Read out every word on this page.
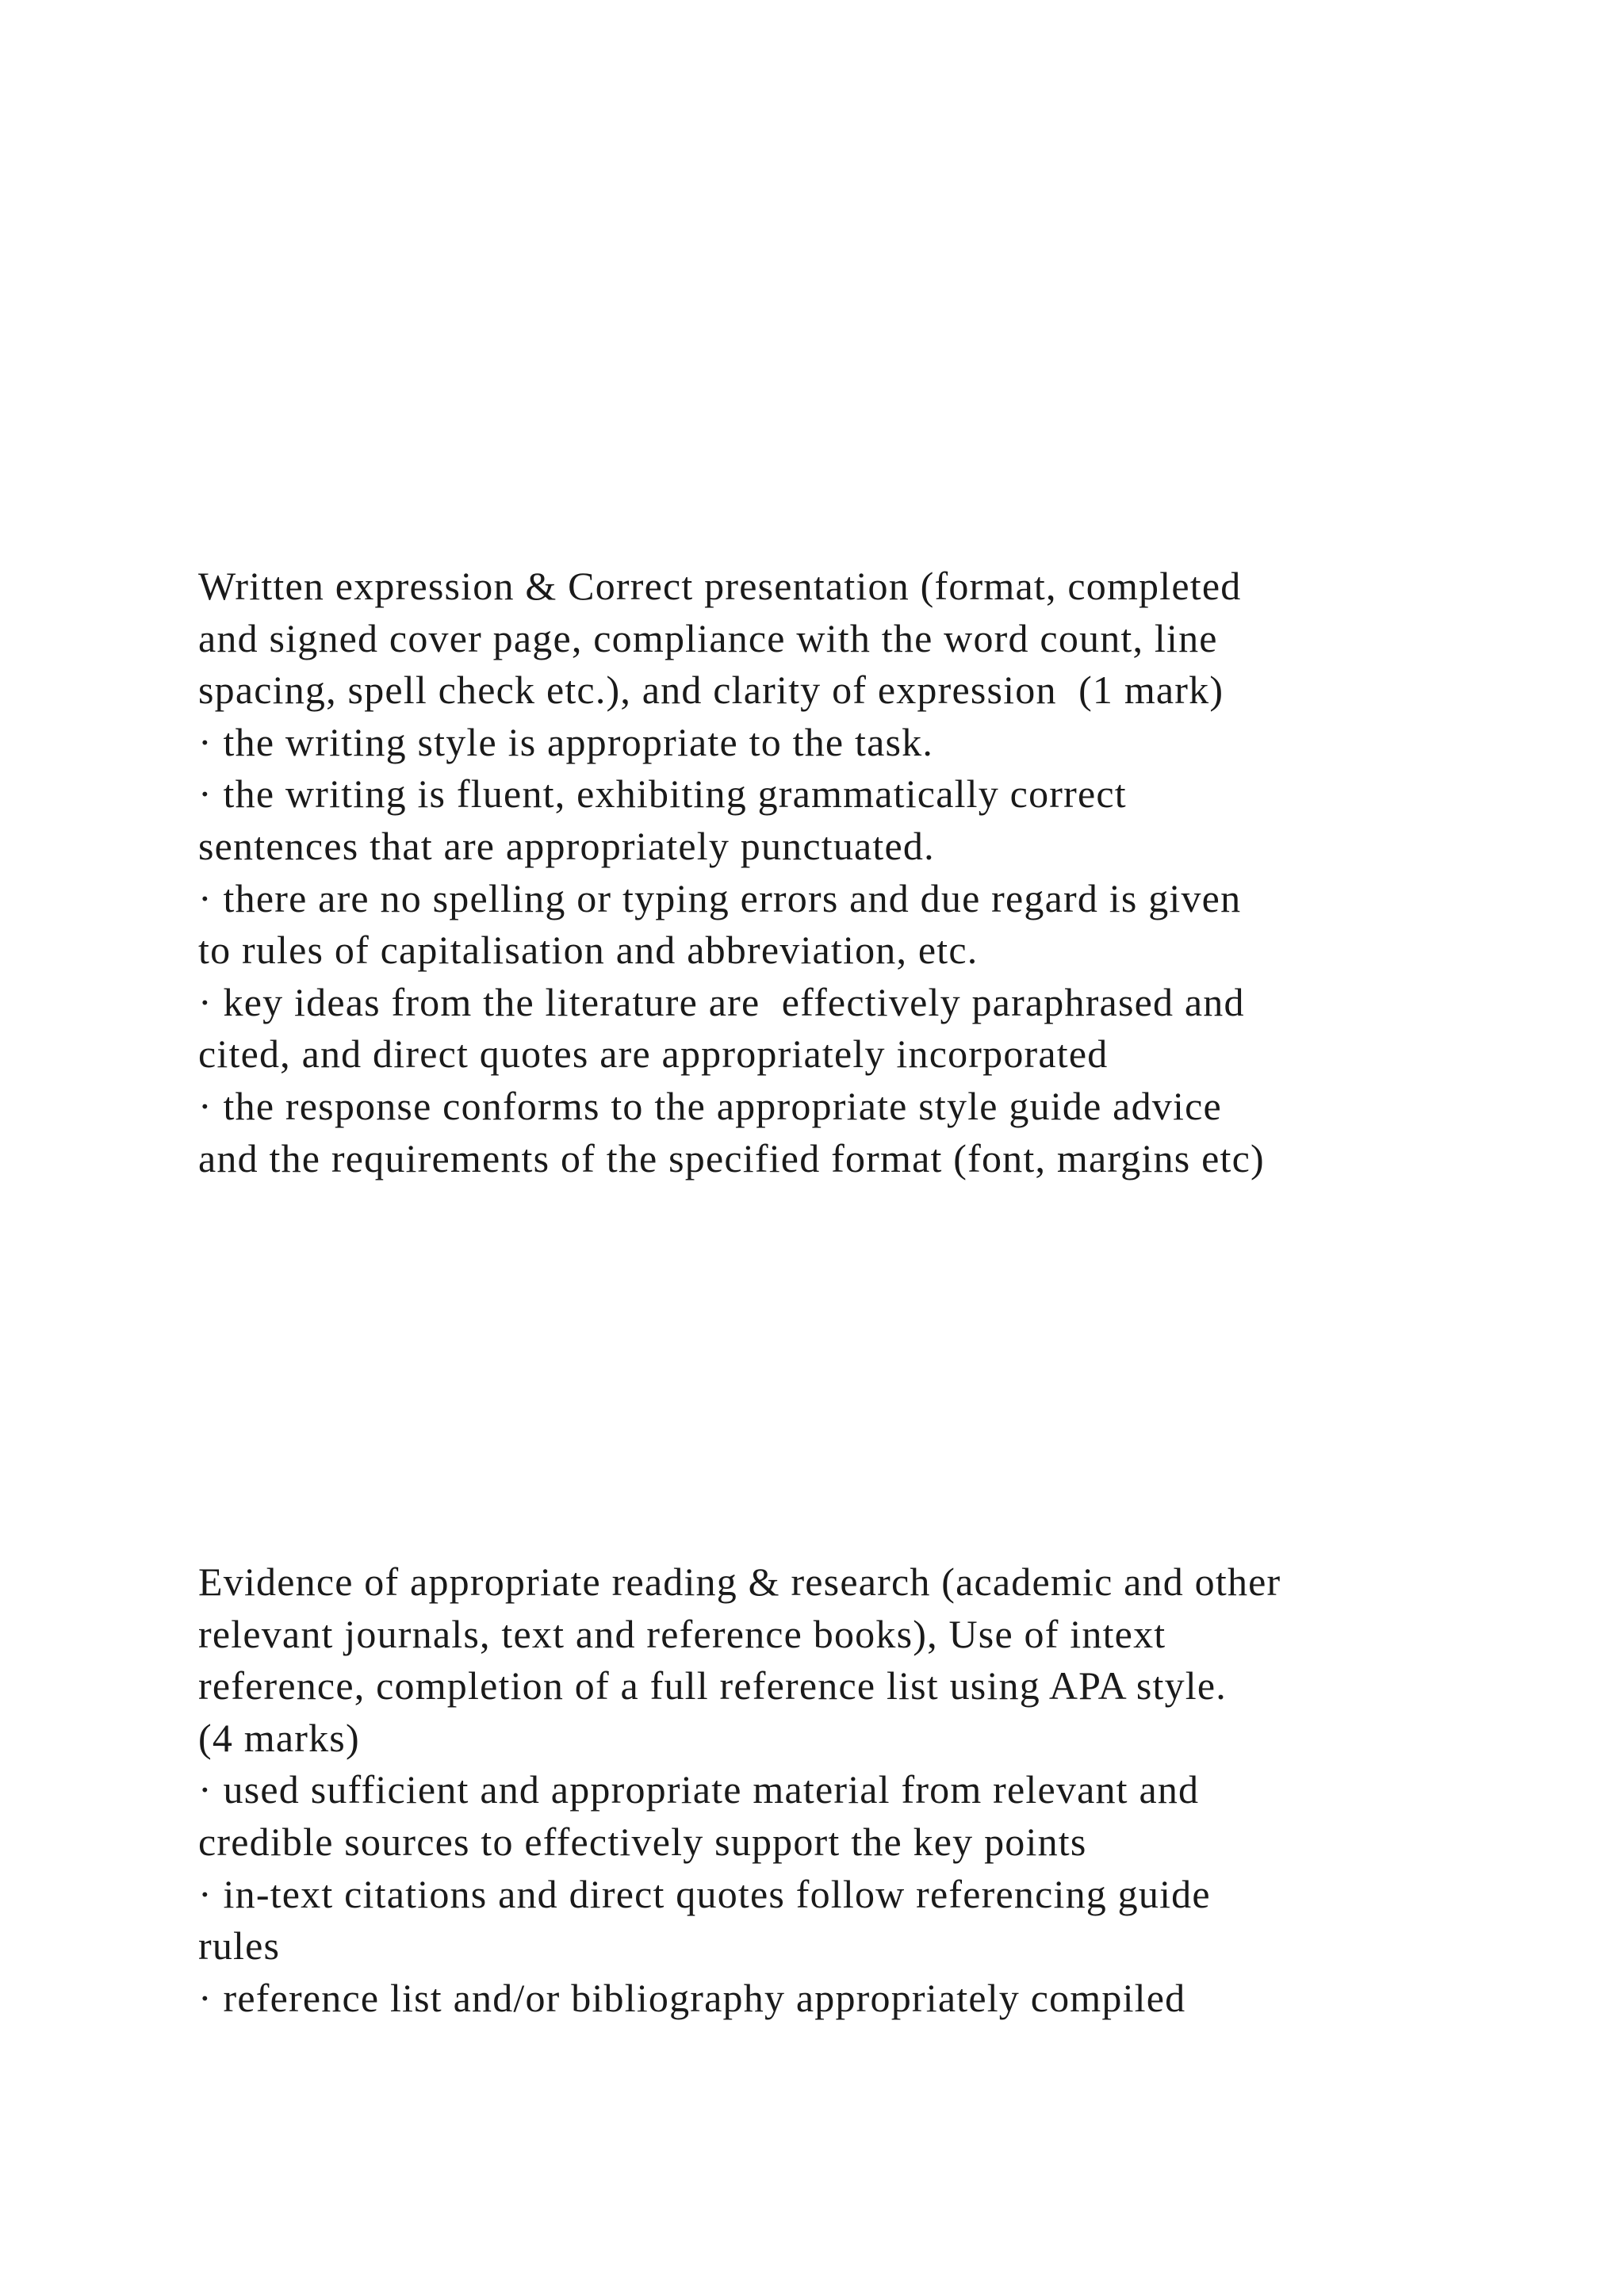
Written expression & Correct presentation (format, completed
and signed cover page, compliance with the word count, line
spacing, spell check etc.), and clarity of expression  (1 mark)
· the writing style is appropriate to the task.
· the writing is fluent, exhibiting grammatically correct
sentences that are appropriately punctuated.
· there are no spelling or typing errors and due regard is given
to rules of capitalisation and abbreviation, etc.
· key ideas from the literature are  effectively paraphrased and
cited, and direct quotes are appropriately incorporated
· the response conforms to the appropriate style guide advice
and the requirements of the specified format (font, margins etc)
Evidence of appropriate reading & research (academic and other
relevant journals, text and reference books), Use of intext
reference, completion of a full reference list using APA style.
(4 marks)
· used sufficient and appropriate material from relevant and
credible sources to effectively support the key points
· in-text citations and direct quotes follow referencing guide
rules
· reference list and/or bibliography appropriately compiled
